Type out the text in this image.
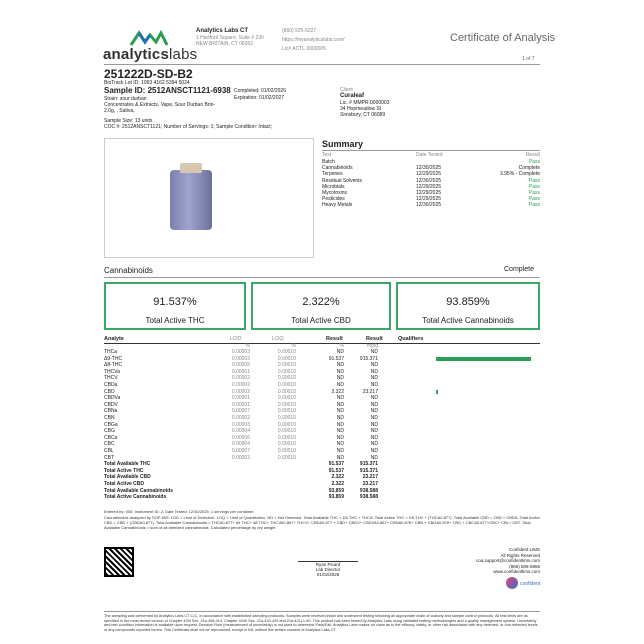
analyticslabs
Analytics Labs CT
1 Hartford Square, Suite # 230
NEW BRITAIN, CT 06052
(860) 925-5227
https://myanalyticslabs.com/
Lic# ACTL.0000005
Certificate of Analysis
1 of 7
251222D-SD-B2
BioTrack Lot ID: 1993 4162 5394 5024
Sample ID: 2512ANSCT1121-6938
Strain: sour durban
Concentrates & Extracts, Vape, Sour Durban Brio-
2.0g, , Sativa,
Sample Size: 13 units
COC #: 2512ANSCT1121; Number of Servings: 1; Sample Condition: Intact;
Completed: 01/02/2026
Expiration: 01/02/2027
Client
Curaleaf
Lic. # MMPR.0000003
34 Hopmeadow St
Simsbury, CT 06089
Summary
Test	Date Tested	Result
Batch	Pass
Cannabinoids	12/30/2025	Complete
Terpenes	12/29/2025	3.95% - Complete
Residual Solvents	12/30/2025	Pass
Microbials	12/29/2025	Pass
Mycotoxins	12/29/2025	Pass
Pesticides	12/29/2025	Pass
Heavy Metals	12/30/2025	Pass
Cannabinoids	Complete
91.537%
Total Active THC
2.322%
Total Active CBD
93.859%
Total Active Cannabinoids
Analyte	LOD	LOQ	Result	Result	Qualifiers
%	%	%	mg/g
THCa	0.00003	0.00010	ND	ND
Δ9-THC	0.00003	0.00010	91.537	915.371
Δ8-THC	0.00005	0.00010	ND	ND
THCVa	0.00001	0.00010	ND	ND
THCV	0.00002	0.00010	ND	ND
CBDa	0.00002	0.00010	ND	ND
CBD	0.00002	0.00010	2.322	23.217
CBDVa	0.00001	0.00010	ND	ND
CBDV	0.00001	0.00010	ND	ND
CBNa	0.00007	0.00010	ND	ND
CBN	0.00002	0.00010	ND	ND
CBGa	0.00003	0.00010	ND	ND
CBG	0.00004	0.00010	ND	ND
CBCa	0.00006	0.00010	ND	ND
CBC	0.00004	0.00010	ND	ND
CBL	0.00007	0.00010	ND	ND
CBT	0.00003	0.00010	ND	ND
Total Available THC	91.537	915.371
Total Active THC	91.537	915.371
Total Available CBD	2.322	23.217
Total Active CBD	2.322	23.217
Total Available Cannabinoids	93.859	938.588
Total Active Cannabinoids	93.859	938.588
Entered by: 005; Instrument ID: 2; Date Tested: 12/30/2025; 1 servings per container.
Cannabinoids analyzed by SOP-009. LOD = Limit of Detection, LOQ = Limit of Quantitation, ND = Not Detected. Total Available THC = D9-THC + THCA. Total Active THC = D9-THC + (THCA0.877). Total Available CBD = CBD + CBDA. Total Active CBD = CBD + (CBDA0.877). Total Available Cannabinoids = THCA0.877+ d9 THC+ d8 THC+ THCVA0.867+ THCV+ CBDA0.877 + CBD+ CBDV+ CBDVA0.867+ CBNA0.876+ CBN + CBGA0.878+ CBG + CBCA0.877+CBC+ CBL+ CBT. Total Available Cannabinoids = sum of all detected cannabinoids. Calculated percentage by dry weight
Ryan Picard
Lab Director
01/02/2026
Confident LIMS
All Rights Reserved
coa.support@confidentlims.com
(866) 506-5866
www.confidentlims.com
confident
The sampling was performed by Analytics Labs CT LLC, in accordance with established sampling protocols. Samples were received intact and underwent testing following all appropriate chain of custody and sample control protocols. All test limits are as specified in the most recent version of Chapter 420f Sec. 21a-408-414. Chapter 420h Sec. 21a-420-429 and 21a-421j-1-40. This product has been tested by Analytics Labs using validated testing methodologies and a quality management system. Uncertainty and test condition information is available upon request. Decision Rule (measurement of uncertainty) is not used to determine Pass/Fail. Analytics Labs makes no claim as to the efficacy, safety, or other risk associated with any detected, or non-detected levels of any compounds reported herein. This Certificate shall not be reproduced, except in full, without the written consent of Analytics Labs CT.
